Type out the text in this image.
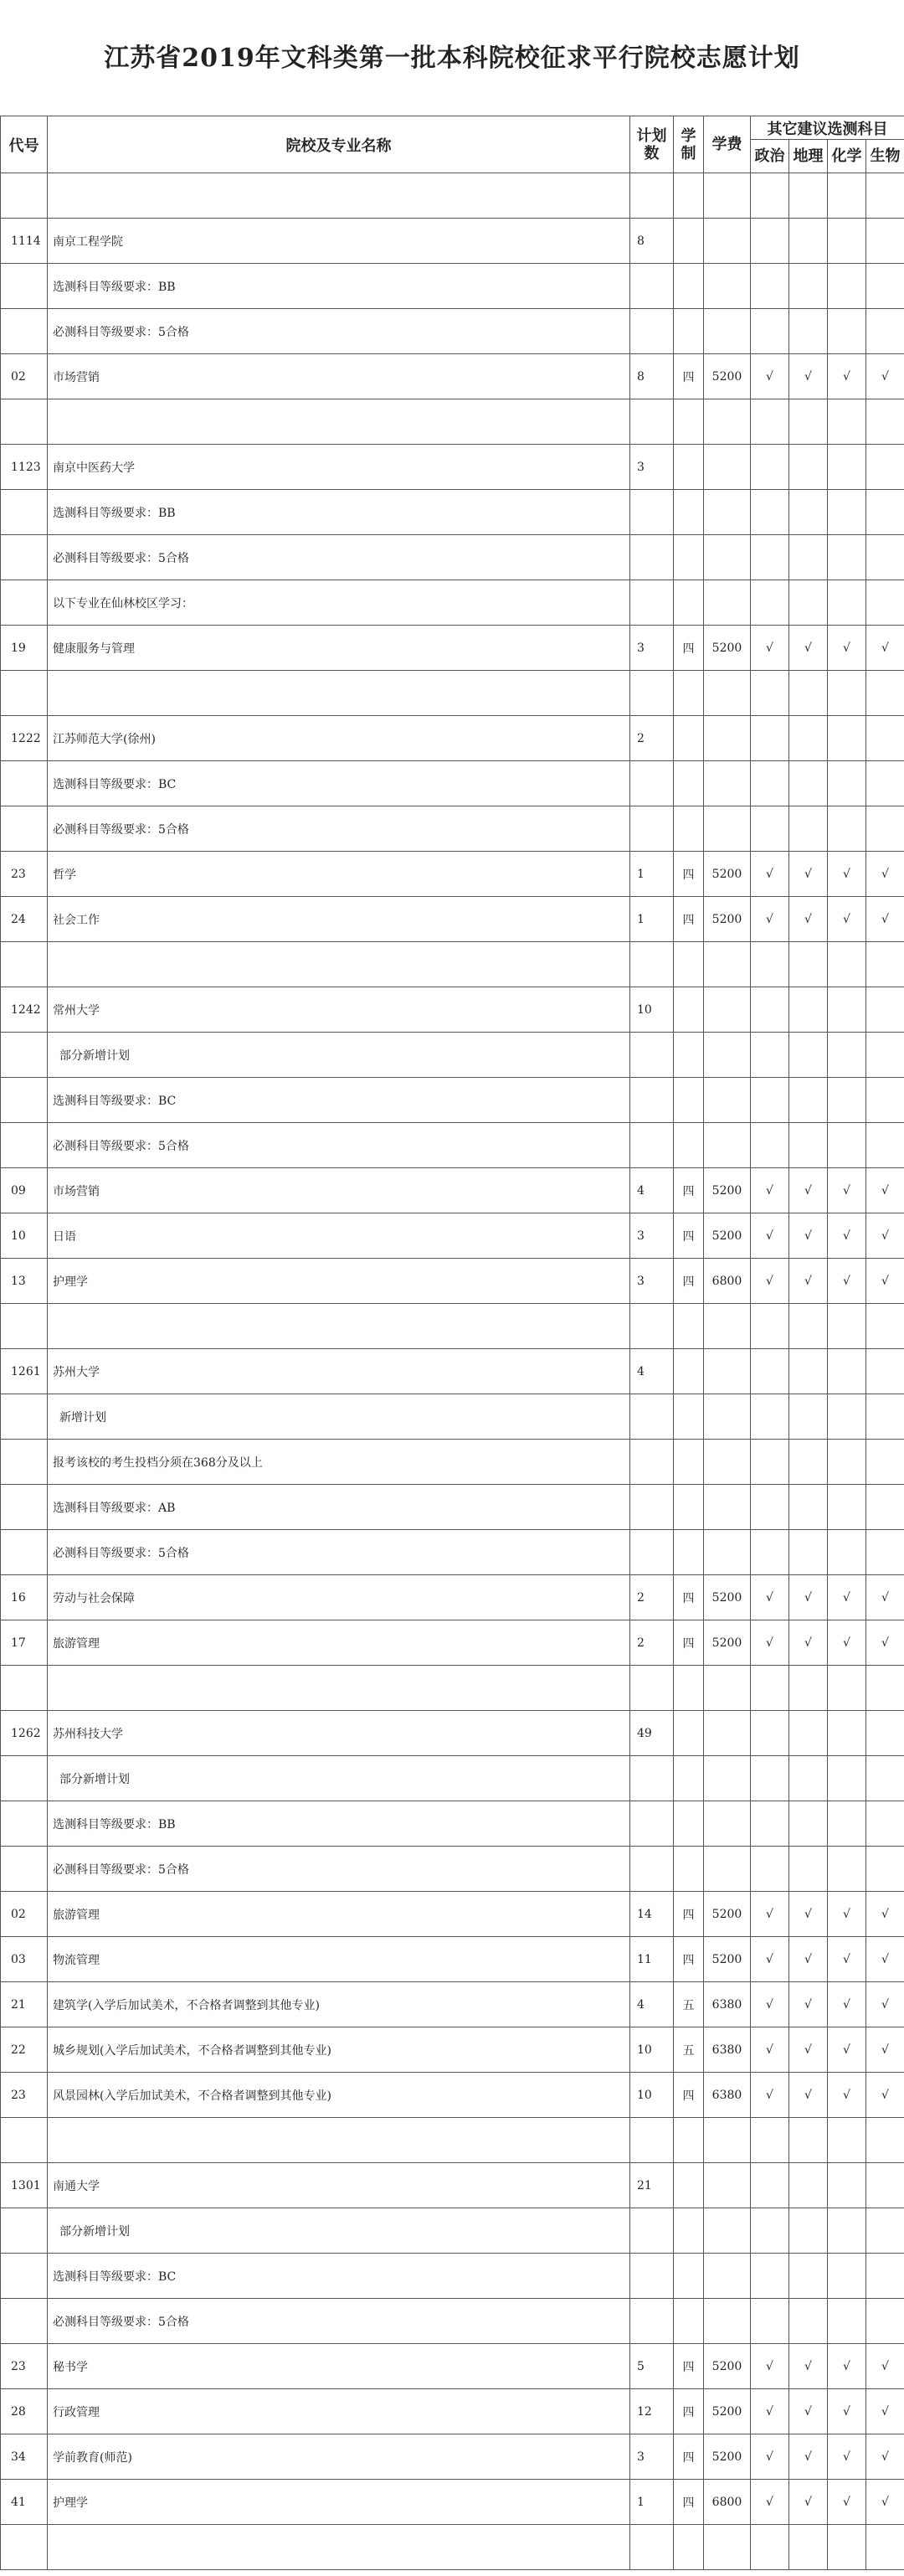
江苏省2019年文科类第一批本科院校征求平行院校志愿计划
代号	院校及专业名称	计划数	学制	学费	其它建议选测科目			
					政治	地理	化学	生物

1114	南京工程学院	8						
	选测科目等级要求：BB							
	必测科目等级要求：5合格							
02	市场营销	8	四	5200	√	√	√	√

1123	南京中医药大学	3						
	选测科目等级要求：BB							
	必测科目等级要求：5合格							
	以下专业在仙林校区学习：							
19	健康服务与管理	3	四	5200	√	√	√	√

1222	江苏师范大学(徐州)	2						
	选测科目等级要求：BC							
	必测科目等级要求：5合格							
23	哲学	1	四	5200	√	√	√	√
24	社会工作	1	四	5200	√	√	√	√

1242	常州大学	10						
	部分新增计划							
	选测科目等级要求：BC							
	必测科目等级要求：5合格							
09	市场营销	4	四	5200	√	√	√	√
10	日语	3	四	5200	√	√	√	√
13	护理学	3	四	6800	√	√	√	√

1261	苏州大学	4						
	新增计划							
	报考该校的考生投档分须在368分及以上							
	选测科目等级要求：AB							
	必测科目等级要求：5合格							
16	劳动与社会保障	2	四	5200	√	√	√	√
17	旅游管理	2	四	5200	√	√	√	√

1262	苏州科技大学	49						
	部分新增计划							
	选测科目等级要求：BB							
	必测科目等级要求：5合格							
02	旅游管理	14	四	5200	√	√	√	√
03	物流管理	11	四	5200	√	√	√	√
21	建筑学(入学后加试美术，不合格者调整到其他专业)	4	五	6380	√	√	√	√
22	城乡规划(入学后加试美术，不合格者调整到其他专业)	10	五	6380	√	√	√	√
23	风景园林(入学后加试美术，不合格者调整到其他专业)	10	四	6380	√	√	√	√

1301	南通大学	21						
	部分新增计划							
	选测科目等级要求：BC							
	必测科目等级要求：5合格							
23	秘书学	5	四	5200	√	√	√	√
28	行政管理	12	四	5200	√	√	√	√
34	学前教育(师范)	3	四	5200	√	√	√	√
41	护理学	1	四	6800	√	√	√	√
